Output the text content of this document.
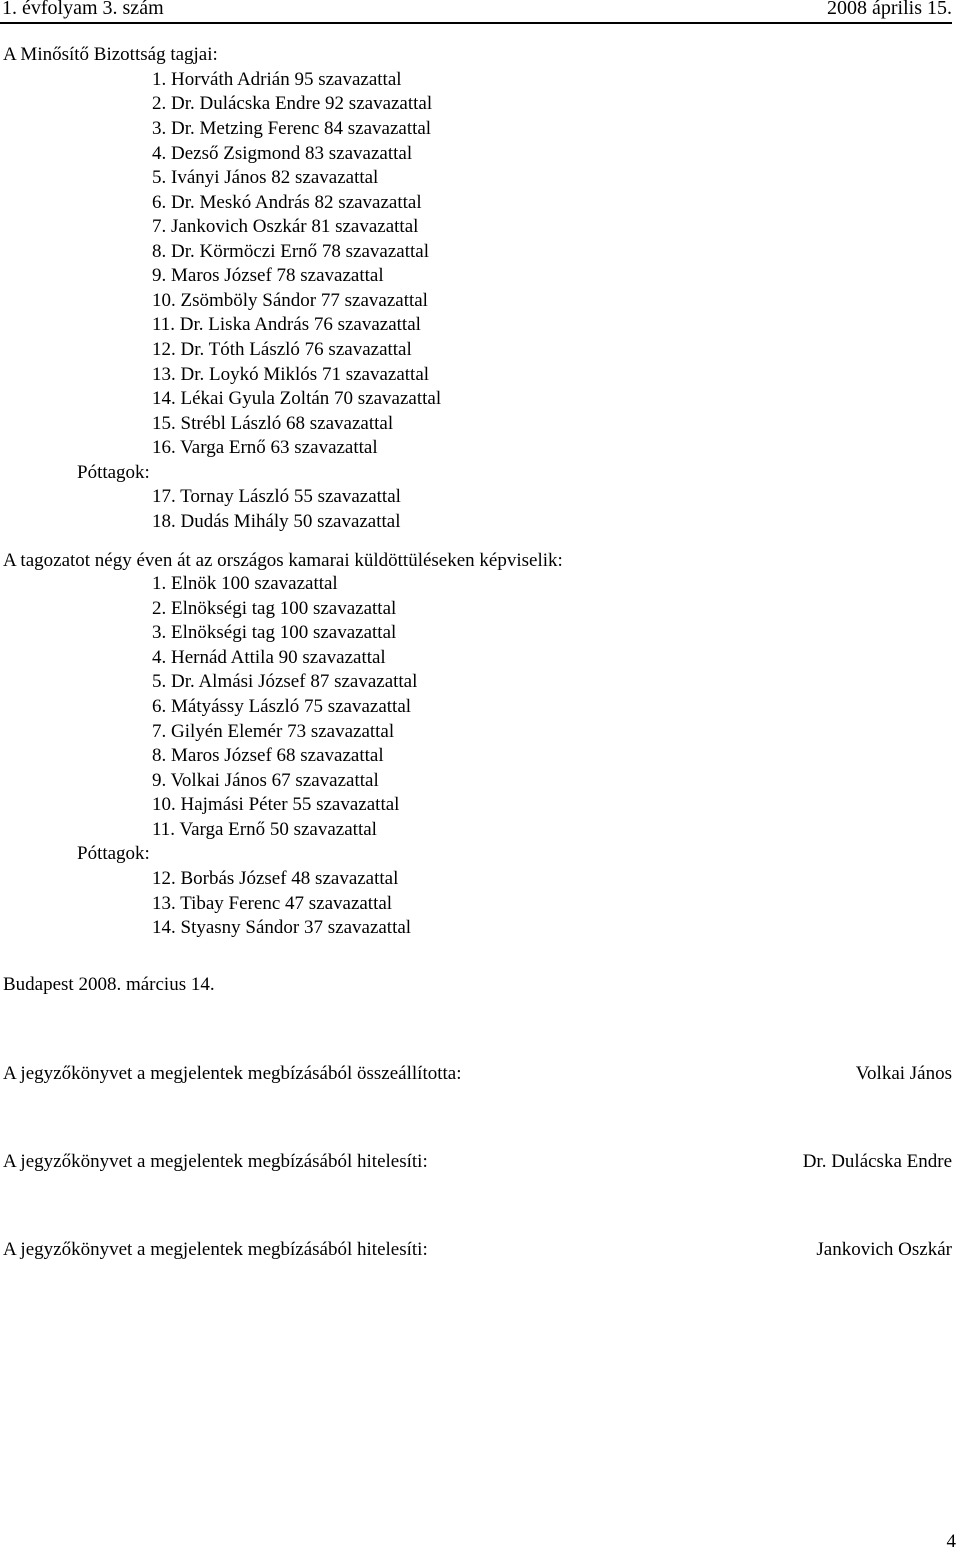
1. évfolyam 3. szám	2008 április 15.
A Minősítő Bizottság tagjai:
1. Horváth Adrián 95 szavazattal
2. Dr. Dulácska Endre 92 szavazattal
3. Dr. Metzing Ferenc 84 szavazattal
4. Dezső Zsigmond 83 szavazattal
5. Iványi János 82 szavazattal
6. Dr. Meskó András 82 szavazattal
7. Jankovich Oszkár 81 szavazattal
8. Dr. Körmöczi Ernő 78 szavazattal
9. Maros József 78 szavazattal
10. Zsömböly Sándor 77 szavazattal
11. Dr. Liska András 76 szavazattal
12. Dr. Tóth László 76 szavazattal
13. Dr. Loykó Miklós 71 szavazattal
14. Lékai Gyula Zoltán 70 szavazattal
15. Strébl László 68 szavazattal
16. Varga Ernő 63 szavazattal
Póttagok:
17. Tornay László 55 szavazattal
18. Dudás Mihály 50 szavazattal
A tagozatot négy éven át az országos kamarai küldöttüléseken képviselik:
1. Elnök 100 szavazattal
2. Elnökségi tag 100 szavazattal
3. Elnökségi tag 100 szavazattal
4. Hernád Attila 90 szavazattal
5. Dr. Almási József 87 szavazattal
6. Mátyássy László 75 szavazattal
7. Gilyén Elemér 73 szavazattal
8. Maros József 68 szavazattal
9. Volkai János 67 szavazattal
10. Hajmási Péter 55 szavazattal
11. Varga Ernő 50 szavazattal
Póttagok:
12. Borbás József 48 szavazattal
13. Tibay Ferenc 47 szavazattal
14. Styasny Sándor 37 szavazattal
Budapest 2008. március 14.
A jegyzőkönyvet a megjelentek megbízásából összeállította:	Volkai János
A jegyzőkönyvet a megjelentek megbízásából hitelesíti:	Dr. Dulácska Endre
A jegyzőkönyvet a megjelentek megbízásából hitelesíti:	Jankovich Oszkár
4
